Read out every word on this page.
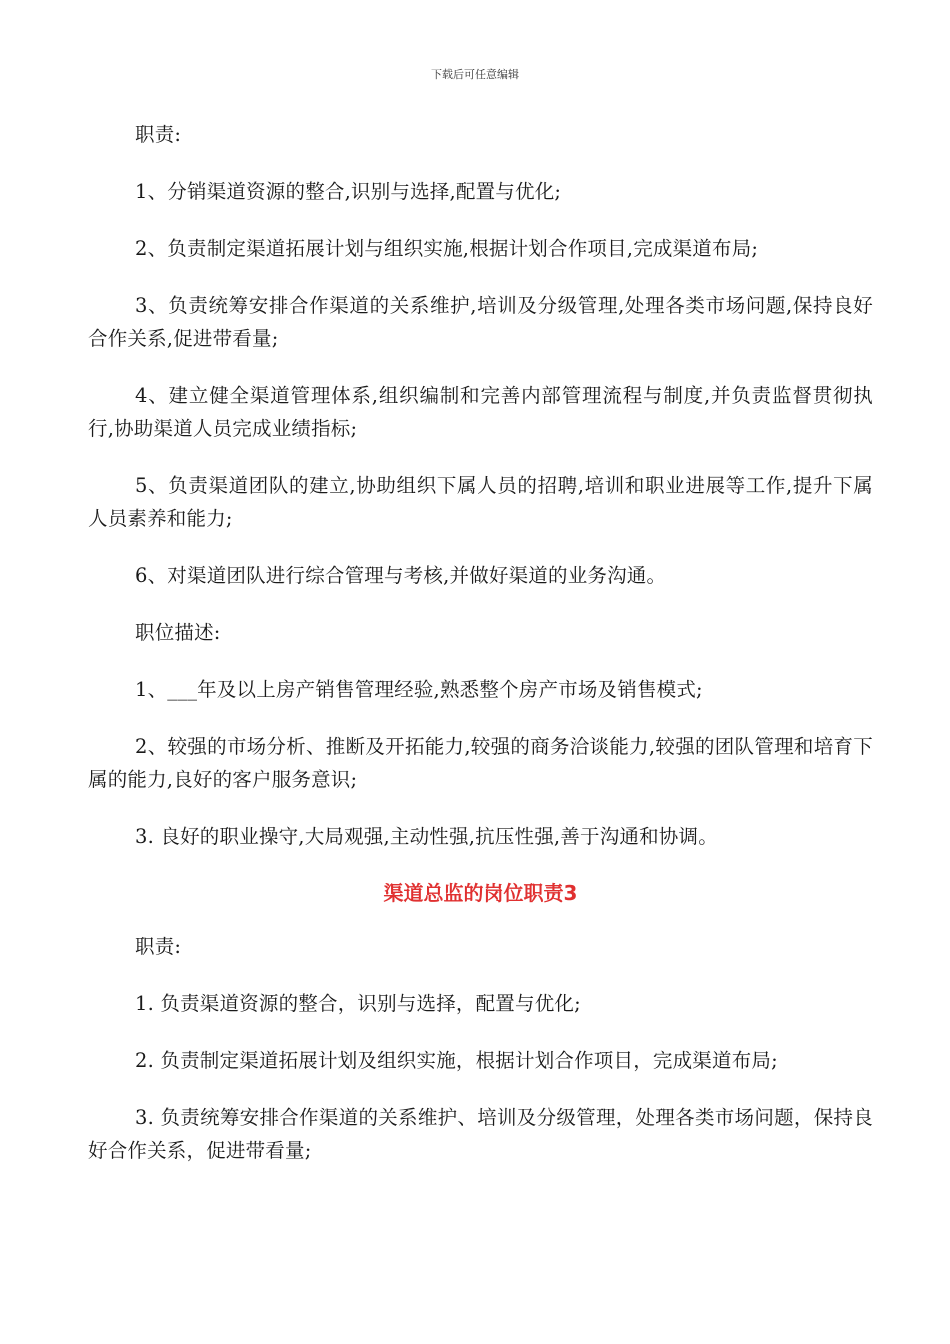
下载后可任意编辑

职责:

1、分销渠道资源的整合,识别与选择,配置与优化;

2、负责制定渠道拓展计划与组织实施,根据计划合作项目,完成渠道布局;

3、负责统筹安排合作渠道的关系维护,培训及分级管理,处理各类市场问题,保持良好合作关系,促进带看量;

4、建立健全渠道管理体系,组织编制和完善内部管理流程与制度,并负责监督贯彻执行,协助渠道人员完成业绩指标;

5、负责渠道团队的建立,协助组织下属人员的招聘,培训和职业进展等工作,提升下属人员素养和能力;

6、对渠道团队进行综合管理与考核,并做好渠道的业务沟通。

职位描述:

1、___年及以上房产销售管理经验,熟悉整个房产市场及销售模式;

2、较强的市场分析、推断及开拓能力,较强的商务洽谈能力,较强的团队管理和培育下属的能力,良好的客户服务意识;

3. 良好的职业操守,大局观强,主动性强,抗压性强,善于沟通和协调。

渠道总监的岗位职责3

职责:

1. 负责渠道资源的整合，识别与选择，配置与优化;

2. 负责制定渠道拓展计划及组织实施，根据计划合作项目，完成渠道布局;

3. 负责统筹安排合作渠道的关系维护、培训及分级管理，处理各类市场问题，保持良好合作关系，促进带看量;
